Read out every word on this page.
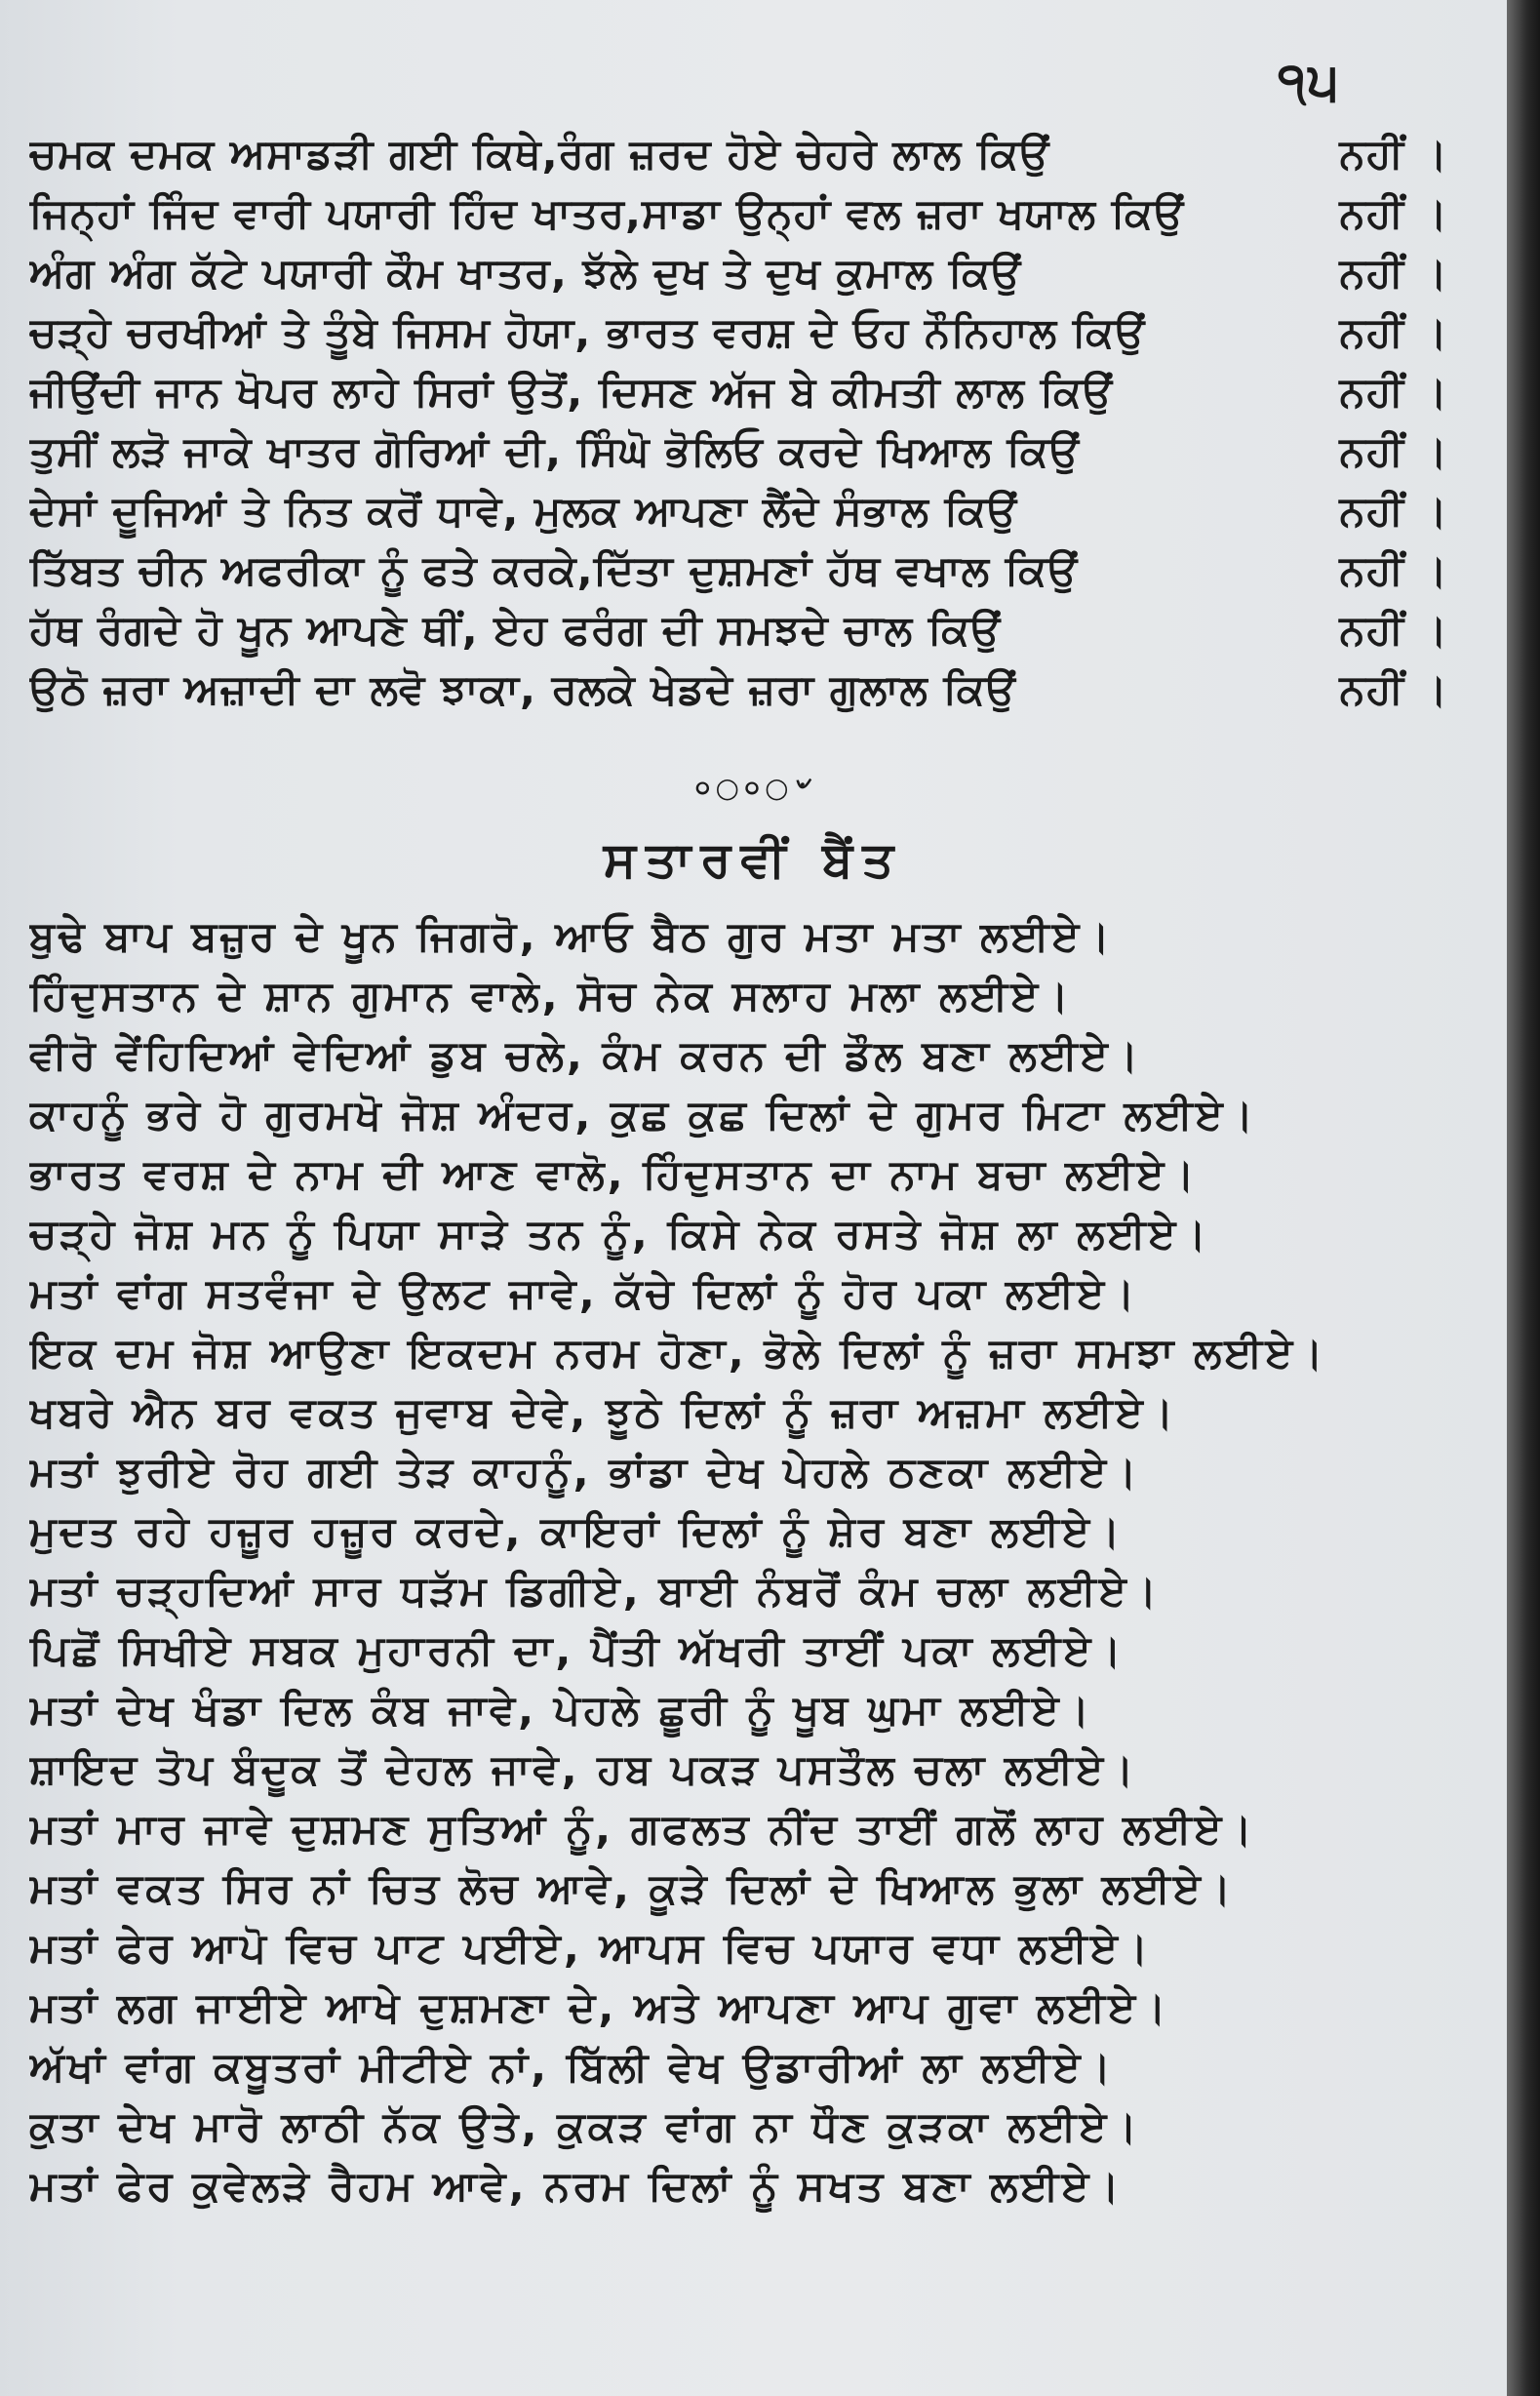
੧੫
ਚਮਕ ਦਮਕ ਅਸਾਡੜੀ ਗਈ ਕਿਥੇ,ਰੰਗ ਜ਼ਰਦ ਹੋਏ ਚੇਹਰੇ ਲਾਲ ਕਿਉਂ	ਨਹੀਂ ।
ਜਿਨ੍ਹਾਂ ਜਿੰਦ ਵਾਰੀ ਪਯਾਰੀ ਹਿੰਦ ਖਾਤਰ,ਸਾਡਾ ਉਨ੍ਹਾਂ ਵਲ ਜ਼ਰਾ ਖਯਾਲ ਕਿਉਂ	ਨਹੀਂ ।
ਅੰਗ ਅੰਗ ਕੱਟੇ ਪਯਾਰੀ ਕੌਮ ਖਾਤਰ, ਝੱਲੇ ਦੁਖ ਤੇ ਦੁਖ ਕੁਮਾਲ ਕਿਉਂ	ਨਹੀਂ ।
ਚੜ੍ਹੇ ਚਰਖੀਆਂ ਤੇ ਤੂੰਬੇ ਜਿਸਮ ਹੋਯਾ, ਭਾਰਤ ਵਰਸ਼ ਦੇ ਓਹ ਨੌਨਿਹਾਲ ਕਿਉਂ	ਨਹੀਂ ।
ਜੀਉਂਦੀ ਜਾਨ ਖੋਪਰ ਲਾਹੇ ਸਿਰਾਂ ਉਤੋਂ, ਦਿਸਣ ਅੱਜ ਬੇ ਕੀਮਤੀ ਲਾਲ ਕਿਉਂ	ਨਹੀਂ ।
ਤੁਸੀਂ ਲੜੋ ਜਾਕੇ ਖਾਤਰ ਗੋਰਿਆਂ ਦੀ, ਸਿੰਘੋ ਭੋਲਿਓ ਕਰਦੇ ਖਿਆਲ ਕਿਉਂ	ਨਹੀਂ ।
ਦੇਸਾਂ ਦੂਜਿਆਂ ਤੇ ਨਿਤ ਕਰੋਂ ਧਾਵੇ, ਮੁਲਕ ਆਪਣਾ ਲੈਂਦੇ ਸੰਭਾਲ ਕਿਉਂ	ਨਹੀਂ ।
ਤਿੱਬਤ ਚੀਨ ਅਫਰੀਕਾ ਨੂੰ ਫਤੇ ਕਰਕੇ,ਦਿੱਤਾ ਦੁਸ਼ਮਣਾਂ ਹੱਥ ਵਖਾਲ ਕਿਉਂ	ਨਹੀਂ ।
ਹੱਥ ਰੰਗਦੇ ਹੋ ਖੂਨ ਆਪਣੇ ਥੀਂ, ਏਹ ਫਰੰਗ ਦੀ ਸਮਝਦੇ ਚਾਲ ਕਿਉਂ	ਨਹੀਂ ।
ਉਠੋ ਜ਼ਰਾ ਅਜ਼ਾਦੀ ਦਾ ਲਵੋ ਝਾਕਾ, ਰਲਕੇ ਖੇਡਦੇ ਜ਼ਰਾ ਗੁਲਾਲ ਕਿਉਂ	ਨਹੀਂ ।
০○০○৺
ਸਤਾਰਵੀਂ ਬੈਂਤ
ਬੁਢੇ ਬਾਪ ਬਜ਼ੁਰ ਦੇ ਖੂਨ ਜਿਗਰੋ, ਆਓ ਬੈਠ ਗੁਰ ਮਤਾ ਮਤਾ ਲਈਏ।
ਹਿੰਦੁਸਤਾਨ ਦੇ ਸ਼ਾਨ ਗੁਮਾਨ ਵਾਲੇ, ਸੋਚ ਨੇਕ ਸਲਾਹ ਮਲਾ ਲਈਏ।
ਵੀਰੋ ਵੇਂਹਿਦਿਆਂ ਵੇਦਿਆਂ ਡੁਬ ਚਲੇ, ਕੰਮ ਕਰਨ ਦੀ ਡੌਲ ਬਣਾ ਲਈਏ।
ਕਾਹਨੂੰ ਭਰੇ ਹੋ ਗੁਰਮਖੋ ਜੋਸ਼ ਅੰਦਰ, ਕੁਛ ਕੁਛ ਦਿਲਾਂ ਦੇ ਗੁਮਰ ਮਿਟਾ ਲਈਏ।
ਭਾਰਤ ਵਰਸ਼ ਦੇ ਨਾਮ ਦੀ ਆਣ ਵਾਲੋ, ਹਿੰਦੁਸਤਾਨ ਦਾ ਨਾਮ ਬਚਾ ਲਈਏ।
ਚੜ੍ਹੇ ਜੋਸ਼ ਮਨ ਨੂੰ ਪਿਯਾ ਸਾੜੇ ਤਨ ਨੂੰ, ਕਿਸੇ ਨੇਕ ਰਸਤੇ ਜੋਸ਼ ਲਾ ਲਈਏ।
ਮਤਾਂ ਵਾਂਗ ਸਤਵੰਜਾ ਦੇ ਉਲਟ ਜਾਵੇ, ਕੱਚੇ ਦਿਲਾਂ ਨੂੰ ਹੋਰ ਪਕਾ ਲਈਏ।
ਇਕ ਦਮ ਜੋਸ਼ ਆਉਣਾ ਇਕਦਮ ਨਰਮ ਹੋਣਾ, ਭੋਲੇ ਦਿਲਾਂ ਨੂੰ ਜ਼ਰਾ ਸਮਝਾ ਲਈਏ।
ਖਬਰੇ ਐਨ ਬਰ ਵਕਤ ਜੁਵਾਬ ਦੇਵੇ, ਝੂਠੇ ਦਿਲਾਂ ਨੂੰ ਜ਼ਰਾ ਅਜ਼ਮਾ ਲਈਏ।
ਮਤਾਂ ਝੁਰੀਏ ਰੋਹ ਗਈ ਤੇੜ ਕਾਹਨੂੰ, ਭਾਂਡਾ ਦੇਖ ਪੇਹਲੇ ਠਣਕਾ ਲਈਏ।
ਮੁਦਤ ਰਹੇ ਹਜ਼ੂਰ ਹਜ਼ੂਰ ਕਰਦੇ, ਕਾਇਰਾਂ ਦਿਲਾਂ ਨੂੰ ਸ਼ੇਰ ਬਣਾ ਲਈਏ।
ਮਤਾਂ ਚੜ੍ਹਦਿਆਂ ਸਾਰ ਧੜੱਮ ਡਿਗੀਏ, ਬਾਈ ਨੰਬਰੋਂ ਕੰਮ ਚਲਾ ਲਈਏ।
ਪਿਛੋਂ ਸਿਖੀਏ ਸਬਕ ਮੁਹਾਰਨੀ ਦਾ, ਪੈਂਤੀ ਅੱਖਰੀ ਤਾਈਂ ਪਕਾ ਲਈਏ।
ਮਤਾਂ ਦੇਖ ਖੰਡਾ ਦਿਲ ਕੰਬ ਜਾਵੇ, ਪੇਹਲੇ ਛੂਰੀ ਨੂੰ ਖੂਬ ਘੁਮਾ ਲਈਏ।
ਸ਼ਾਇਦ ਤੋਪ ਬੰਦੂਕ ਤੋਂ ਦੇਹਲ ਜਾਵੇ, ਹਬ ਪਕੜ ਪਸਤੌਲ ਚਲਾ ਲਈਏ।
ਮਤਾਂ ਮਾਰ ਜਾਵੇ ਦੁਸ਼ਮਣ ਸੁਤਿਆਂ ਨੂੰ, ਗਫਲਤ ਨੀਂਦ ਤਾਈਂ ਗਲੋਂ ਲਾਹ ਲਈਏ।
ਮਤਾਂ ਵਕਤ ਸਿਰ ਨਾਂ ਚਿਤ ਲੋਚ ਆਵੇ, ਕੂੜੇ ਦਿਲਾਂ ਦੇ ਖਿਆਲ ਭੁਲਾ ਲਈਏ।
ਮਤਾਂ ਫੇਰ ਆਪੋ ਵਿਚ ਪਾਟ ਪਈਏ, ਆਪਸ ਵਿਚ ਪਯਾਰ ਵਧਾ ਲਈਏ।
ਮਤਾਂ ਲਗ ਜਾਈਏ ਆਖੇ ਦੁਸ਼ਮਣਾ ਦੇ, ਅਤੇ ਆਪਣਾ ਆਪ ਗੁਵਾ ਲਈਏ।
ਅੱਖਾਂ ਵਾਂਗ ਕਬੂਤਰਾਂ ਮੀਟੀਏ ਨਾਂ, ਬਿੱਲੀ ਵੇਖ ਉਡਾਰੀਆਂ ਲਾ ਲਈਏ।
ਕੁਤਾ ਦੇਖ ਮਾਰੋ ਲਾਠੀ ਨੱਕ ਉਤੇ, ਕੁਕੜ ਵਾਂਗ ਨਾ ਧੌਣ ਕੁੜਕਾ ਲਈਏ।
ਮਤਾਂ ਫੇਰ ਕੁਵੇਲੜੇ ਰੈਹਮ ਆਵੇ, ਨਰਮ ਦਿਲਾਂ ਨੂੰ ਸਖਤ ਬਣਾ ਲਈਏ।
